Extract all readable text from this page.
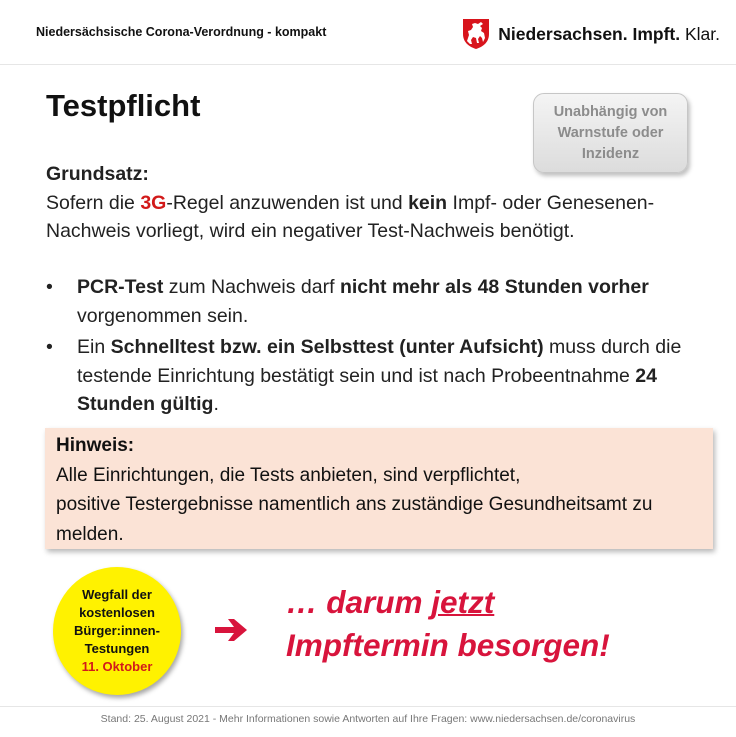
Niedersächsische Corona-Verordnung - kompakt	Niedersachsen. Impft. Klar.
Testpflicht	Unabhängig von
Warnstufe oder
Inzidenz
Grundsatz:
Sofern die 3G-Regel anzuwenden ist und kein Impf- oder Genesenen-Nachweis vorliegt, wird ein negativer Test-Nachweis benötigt.
• PCR-Test zum Nachweis darf nicht mehr als 48 Stunden vorher vorgenommen sein.
• Ein Schnelltest bzw. ein Selbsttest (unter Aufsicht) muss durch die testende Einrichtung bestätigt sein und ist nach Probeentnahme 24 Stunden gültig.
Hinweis:
Alle Einrichtungen, die Tests anbieten, sind verpflichtet,
positive Testergebnisse namentlich ans zuständige Gesundheitsamt zu melden.
Wegfall der
kostenlosen
Bürger:innen-
Testungen
11. Oktober
… darum jetzt
Impftermin besorgen!
Stand: 25. August 2021 - Mehr Informationen sowie Antworten auf Ihre Fragen: www.niedersachsen.de/coronavirus
